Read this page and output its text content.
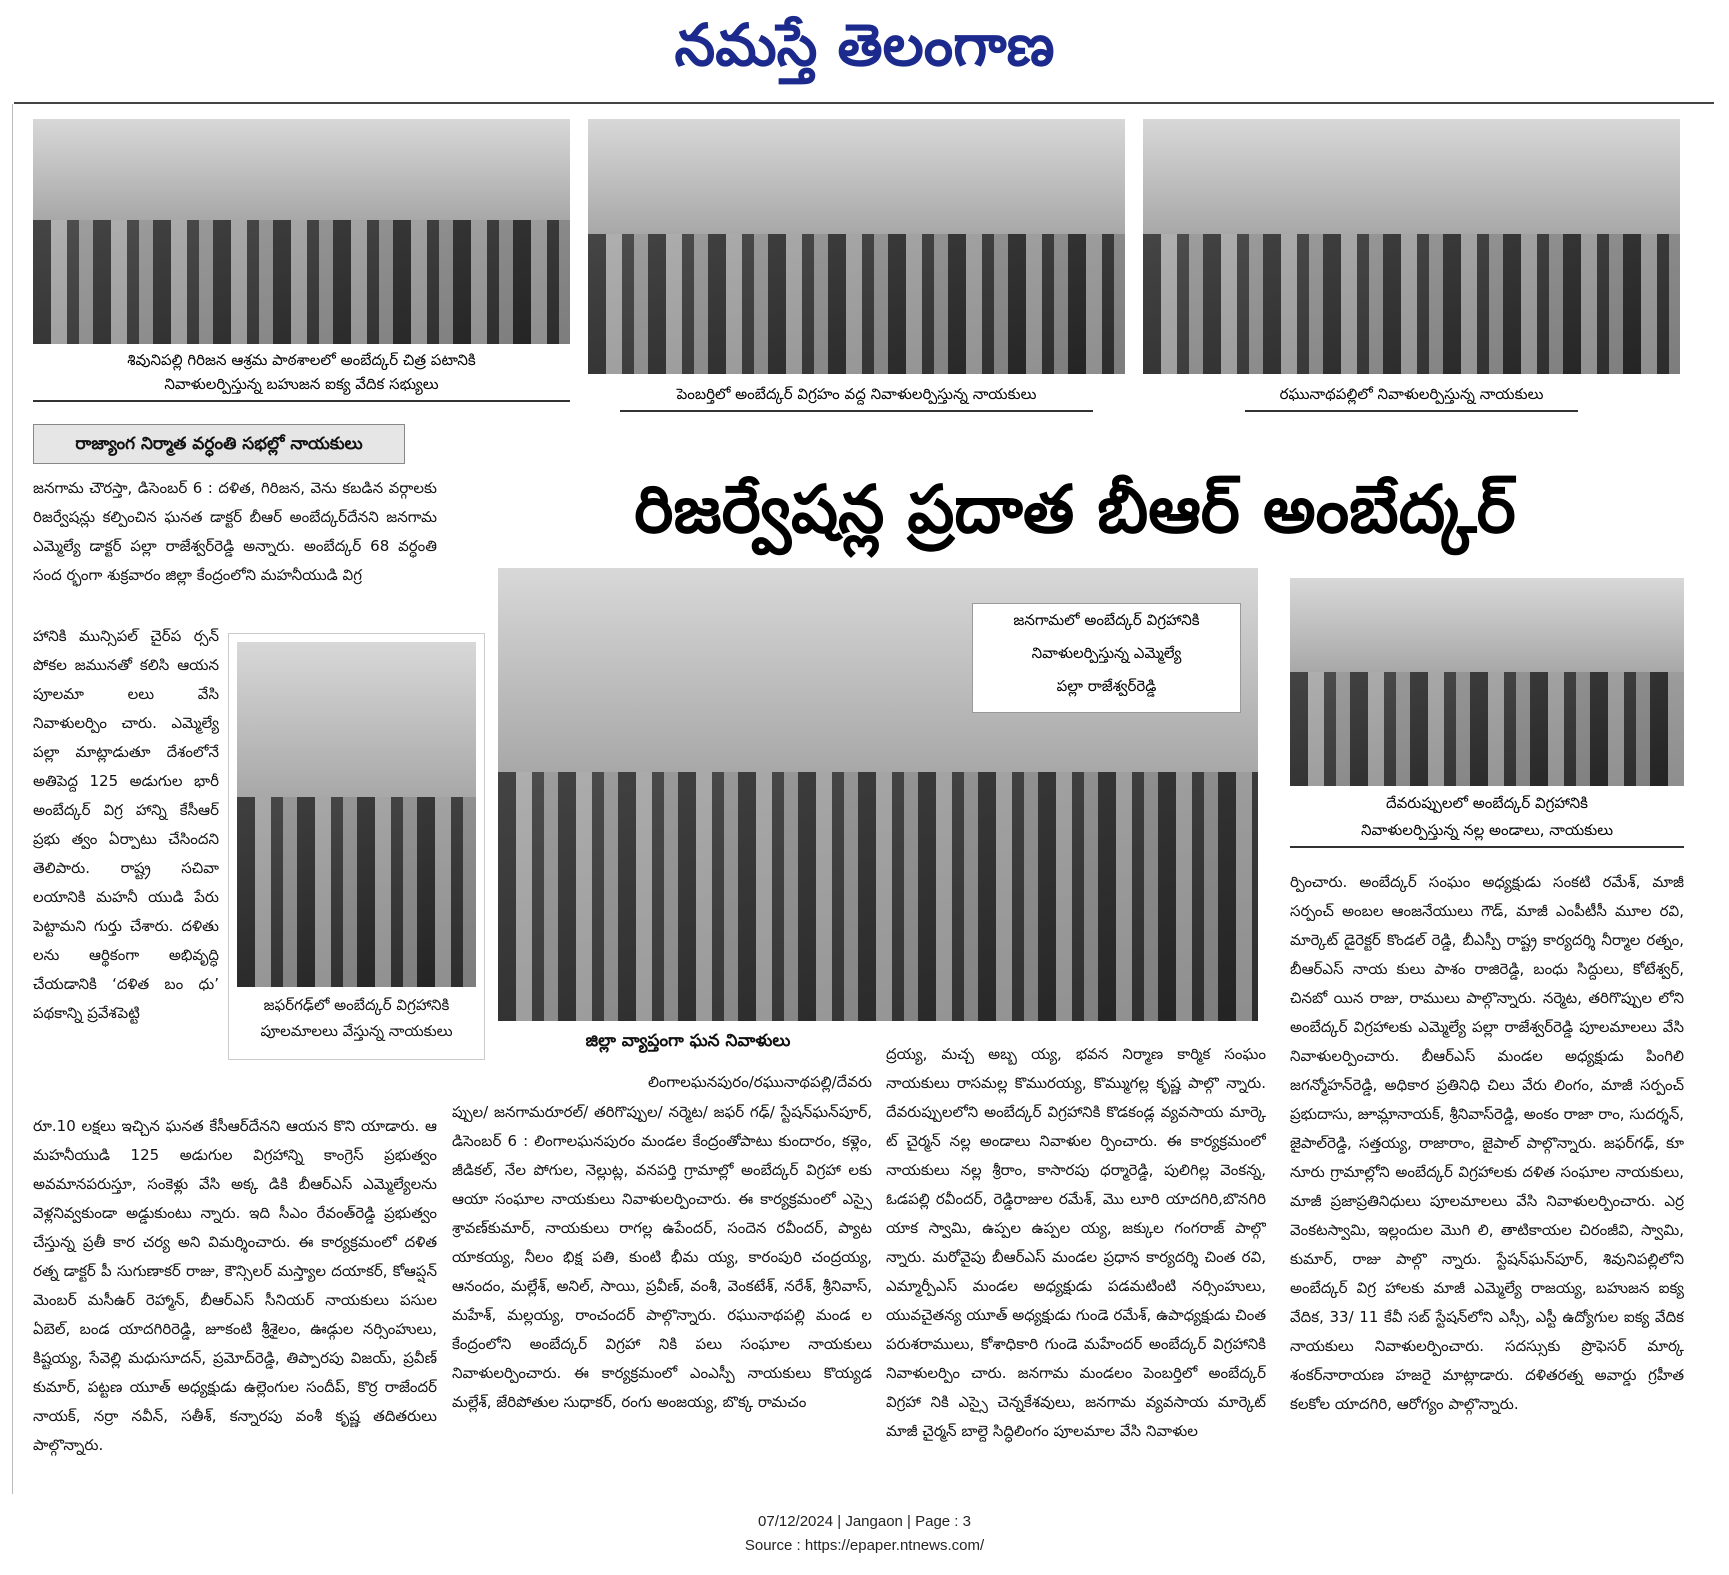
నమస్తే తెలంగాణ
శివునిపల్లి గిరిజన ఆశ్రమ పాఠశాలలో అంబేద్కర్ చిత్ర పటానికి
నివాళులర్పిస్తున్న బహుజన ఐక్య వేదిక సభ్యులు
పెంబర్తిలో అంబేద్కర్ విగ్రహం వద్ద నివాళులర్పిస్తున్న నాయకులు	రఘునాథపల్లిలో నివాళులర్పిస్తున్న నాయకులు
రాజ్యాంగ నిర్మాత వర్ధంతి సభల్లో నాయకులు
రిజర్వేషన్ల ప్రదాత బీఆర్ అంబేద్కర్

జనగామ చౌరస్తా, డిసెంబర్ 6 : దళిత, గిరిజన, వెను కబడిన వర్గాలకు రిజర్వేషన్లు కల్పించిన ఘనత డాక్టర్ బీఆర్ అంబేద్కర్‌దేనని జనగామ ఎమ్మెల్యే డాక్టర్ పల్లా రాజేశ్వర్‌రెడ్డి అన్నారు. అంబేద్కర్ 68 వర్ధంతి సంద ర్భంగా శుక్రవారం జిల్లా కేంద్రంలోని మహనీయుడి విగ్ర

జఫర్‌గఢ్‌లో అంబేద్కర్ విగ్రహానికి
పూలమాలలు వేస్తున్న నాయకులు

హానికి మున్సిపల్ చైర్‌ప ర్సన్ పోకల జమునతో కలిసి ఆయన పూలమా లలు వేసి నివాళులర్పిం చారు. ఎమ్మెల్యే పల్లా మాట్లాడుతూ దేశంలోనే అతిపెద్ద 125 అడుగుల భారీ అంబేద్కర్ విగ్ర హాన్ని కేసీఆర్ ప్రభు త్వం ఏర్పాటు చేసిందని తెలిపారు. రాష్ట్ర సచివా లయానికి మహనీ యుడి పేరు పెట్టామని గుర్తు చేశారు. దళితు లను ఆర్థికంగా అభివృద్ధి చేయడానికి ‘దళిత బం ధు’ పథకాన్ని ప్రవేశపెట్టి

రూ.10 లక్షలు ఇచ్చిన ఘనత కేసీఆర్‌దేనని ఆయన కొని యాడారు. ఆ మహనీయుడి 125 అడుగుల విగ్రహాన్ని కాంగ్రెస్ ప్రభుత్వం అవమానపరుస్తూ, సంకెళ్లు వేసి అక్క డికి బీఆర్ఎస్ ఎమ్మెల్యేలను వెళ్లనివ్వకుండా అడ్డుకుంటు న్నారు. ఇది సీఎం రేవంత్‌రెడ్డి ప్రభుత్వం చేస్తున్న ప్రతీ కార చర్య అని విమర్శించారు. ఈ కార్యక్రమంలో దళిత రత్న డాక్టర్ పీ సుగుణాకర్ రాజు, కౌన్సిలర్ మస్త్యాల దయాకర్, కోఆప్షన్ మెంబర్ మసీఉర్ రెహ్మాన్, బీఆర్ఎస్ సీనియర్ నాయకులు పసుల ఏబెల్, బండ యాదగిరిరెడ్డి, జూకంటి శ్రీశైలం, ఊడ్గుల నర్సింహులు, కిష్టయ్య, సేవెల్లి మధుసూదన్, ప్రమోద్‌రెడ్డి, తిప్పారపు విజయ్, ప్రవీణ్ కుమార్, పట్టణ యూత్ అధ్యక్షుడు ఉల్లెంగుల సందీప్, కొర్ర రాజేందర్ నాయక్, నర్రా నవీన్, సతీశ్, కన్నారపు వంశీ కృష్ణ తదితరులు పాల్గొన్నారు.

జనగామలో అంబేద్కర్ విగ్రహానికి
నివాళులర్పిస్తున్న ఎమ్మెల్యే
పల్లా రాజేశ్వర్‌రెడ్డి
దేవరుప్పులలో అంబేద్కర్ విగ్రహానికి
నివాళులర్పిస్తున్న నల్ల అండాలు, నాయకులు
జిల్లా వ్యాప్తంగా ఘన నివాళులు
లింగాలఘనపురం/రఘునాథపల్లి/దేవరు

ప్పుల/ జనగామరూరల్/ తరిగొప్పుల/ నర్మెట/ జఫర్ గఢ్/ స్టేషన్‌ఘన్‌పూర్, డిసెంబర్ 6 : లింగాలఘనపురం మండల కేంద్రంతోపాటు కుందారం, కళ్లెం, జీడికల్, నేల పోగుల, నెల్లుట్ల, వనపర్తి గ్రామాల్లో అంబేద్కర్ విగ్రహా లకు ఆయా సంఘాల నాయకులు నివాళులర్పించారు. ఈ కార్యక్రమంలో ఎస్సై శ్రావణ్‌కుమార్, నాయకులు రాగల్ల ఉపేందర్, సందెన రవీందర్, ప్యాట యాకయ్య, నీలం భిక్ష పతి, కుంటి భీమ య్య, కారంపురి చంద్రయ్య, ఆనందం, మల్లేశ్, అనిల్, సాయి, ప్రవీణ్, వంశీ, వెంకటేశ్, నరేశ్, శ్రీనివాస్, మహేశ్, మల్లయ్య, రాంచందర్ పాల్గొన్నారు. రఘునాథపల్లి మండ ల కేంద్రంలోని అంబేద్కర్ విగ్రహా నికి పలు సంఘాల నాయకులు నివాళులర్పించారు. ఈ కార్యక్రమంలో ఎంఎస్పీ నాయకులు కొయ్యడ మల్లేశ్, జేరిపోతుల సుధాకర్, రంగు అంజయ్య, బొక్క రామచం

ద్రయ్య, మచ్చ అబ్బ య్య, భవన నిర్మాణ కార్మిక సంఘం నాయకులు రాసమల్ల కొమురయ్య, కొమ్ముగల్ల కృష్ణ పాల్గొ న్నారు. దేవరుప్పులలోని అంబేద్కర్ విగ్రహానికి కొడకండ్ల వ్యవసాయ మార్కె ట్ చైర్మన్ నల్ల అండాలు నివాళుల ర్పించారు. ఈ కార్యక్రమంలో నాయకులు నల్ల శ్రీరాం, కాసారపు ధర్మారెడ్డి, పులిగిల్ల వెంకన్న, ఓడపల్లి రవీందర్, రెడ్డిరాజుల రమేశ్, మొ లూరి యాదగిరి,బొనగిరి యాక స్వామి, ఉప్పల ఉప్పల య్య, జక్కుల గంగరాజ్ పాల్గొ న్నారు. మరోవైపు బీఆర్ఎస్ మండల ప్రధాన కార్యదర్శి చింత రవి, ఎమ్మార్పీఎస్ మండల అధ్యక్షుడు పడమటింటి నర్సింహులు, యువచైతన్య యూత్ అధ్యక్షుడు గుండె రమేశ్, ఉపాధ్యక్షుడు చింత పరుశరాములు, కోశాధికారి గుండె మహేందర్ అంబేద్కర్ విగ్రహానికి నివాళులర్పిం చారు. జనగామ మండలం పెంబర్తిలో అంబేద్కర్ విగ్రహా నికి ఎస్సై చెన్నకేశవులు, జనగామ వ్యవసాయ మార్కెట్ మాజీ చైర్మన్ బాల్దె సిద్ధిలింగం పూలమాల వేసి నివాళుల

ర్పించారు. అంబేద్కర్ సంఘం అధ్యక్షుడు సంకటి రమేశ్, మాజీ సర్పంచ్ అంబల ఆంజనేయులు గౌడ్, మాజీ ఎంపీటీసీ మూల రవి, మార్కెట్ డైరెక్టర్ కొండల్ రెడ్డి, బీఎస్పీ రాష్ట్ర కార్యదర్శి నీర్మాల రత్నం, బీఆర్ఎస్ నాయ కులు పాశం రాజిరెడ్డి, బంధు సిద్దులు, కోటేశ్వర్, చినబో యిన రాజు, రాములు పాల్గొన్నారు. నర్మెట, తరిగొప్పుల లోని అంబేద్కర్ విగ్రహాలకు ఎమ్మెల్యే పల్లా రాజేశ్వర్‌రెడ్డి పూలమాలలు వేసి నివాళులర్పించారు. బీఆర్ఎస్ మండల అధ్యక్షుడు పింగిలి జగన్మోహన్‌రెడ్డి, అధికార ప్రతినిధి చిలు వేరు లింగం, మాజీ సర్పంచ్ ప్రభుదాసు, జూమ్లానాయక్, శ్రీనివాస్‌రెడ్డి, అంకం రాజా రాం, సుదర్శన్, జైపాల్‌రెడ్డి, సత్తయ్య, రాజారాం, జైపాల్ పాల్గొన్నారు. జఫర్‌గఢ్, కూ నూరు గ్రామాల్లోని అంబేద్కర్ విగ్రహాలకు దళిత సంఘాల నాయకులు, మాజీ ప్రజాప్రతినిధులు పూలమాలలు వేసి నివాళులర్పించారు. ఎర్ర వెంకటస్వామి, ఇల్లందుల మొగి లి, తాటికాయల చిరంజీవి, స్వామి, కుమార్, రాజు పాల్గొ న్నారు. స్టేషన్‌ఘన్‌పూర్, శివునిపల్లిలోని అంబేద్కర్ విగ్ర హాలకు మాజీ ఎమ్మెల్యే రాజయ్య, బహుజన ఐక్య వేదిక, 33/ 11 కేవీ సబ్ స్టేషన్‌లోని ఎస్సీ, ఎస్టీ ఉద్యోగుల ఐక్య వేదిక నాయకులు నివాళులర్పించారు. సదస్సుకు ప్రొఫెసర్ మార్క శంకర్‌నారాయణ హజరై మాట్లాడారు. దళితరత్న అవార్డు గ్రహీత కలకోల యాదగిరి, ఆరోగ్యం పాల్గొన్నారు.

07/12/2024 | Jangaon | Page : 3
Source : https://epaper.ntnews.com/
